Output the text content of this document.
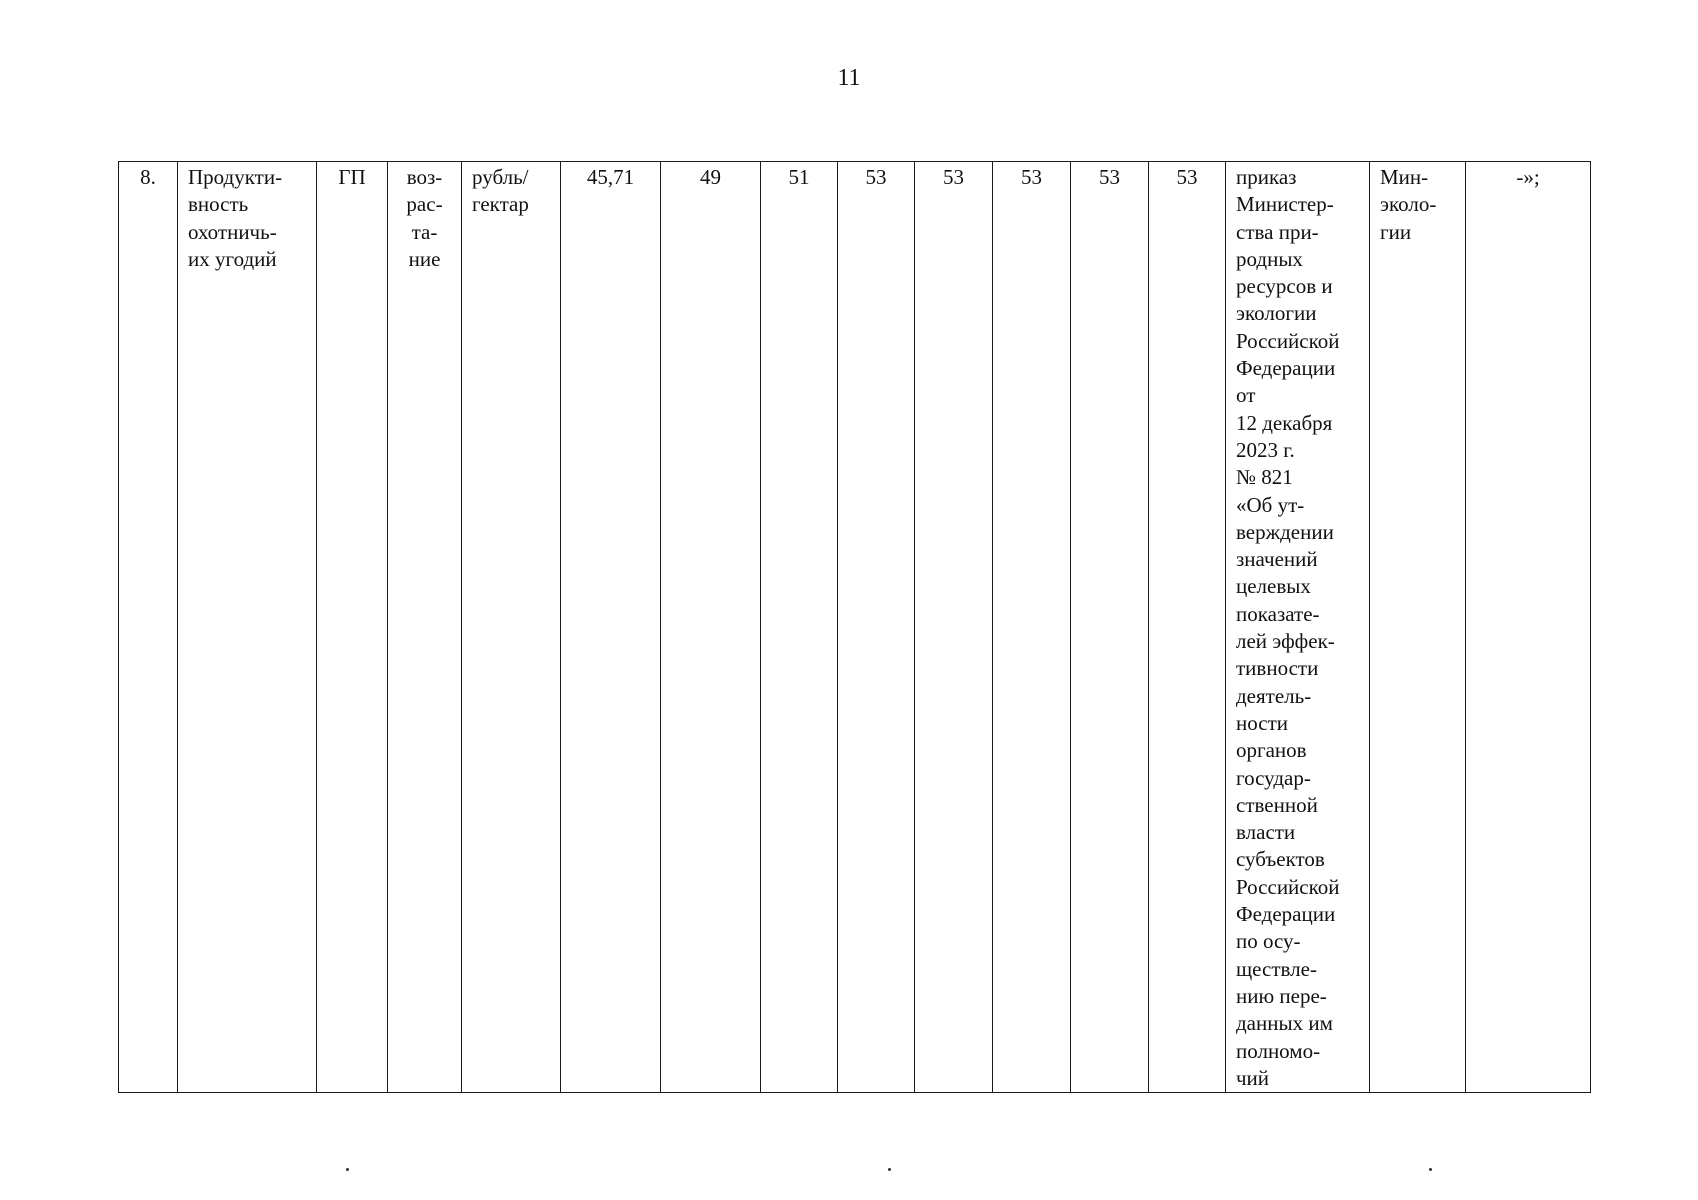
11
8.	Продукти-
вность
охотничь-
их угодий	ГП	воз-
рас-
та-
ние	рубль/
гектар	45,71	49	51	53	53	53	53	53	приказ
Министер-
ства при-
родных
ресурсов и
экологии
Российской
Федерации
от
12 декабря
2023 г.
№ 821
«Об ут-
верждении
значений
целевых
показате-
лей эффек-
тивности
деятель-
ности
органов
государ-
ственной
власти
субъектов
Российской
Федерации
по осу-
ществле-
нию пере-
данных им
полномо-
чий	Мин-
эколо-
гии	-»;
